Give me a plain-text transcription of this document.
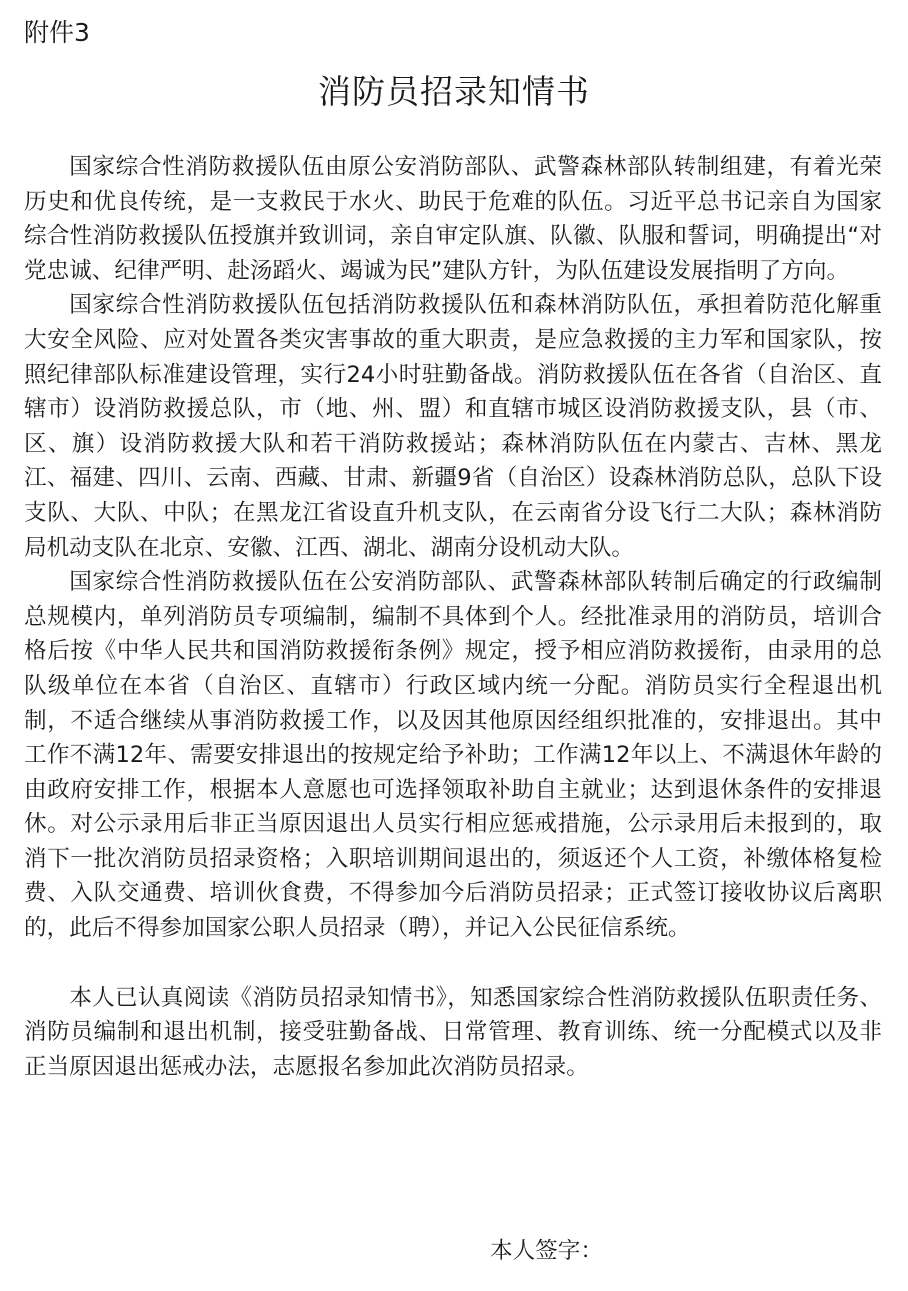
附件3
消防员招录知情书

国家综合性消防救援队伍由原公安消防部队、武警森林部队转制组建，有着光荣历史和优良传统，是一支救民于水火、助民于危难的队伍。习近平总书记亲自为国家综合性消防救援队伍授旗并致训词，亲自审定队旗、队徽、队服和誓词，明确提出“对党忠诚、纪律严明、赴汤蹈火、竭诚为民”建队方针，为队伍建设发展指明了方向。

国家综合性消防救援队伍包括消防救援队伍和森林消防队伍，承担着防范化解重大安全风险、应对处置各类灾害事故的重大职责，是应急救援的主力军和国家队，按照纪律部队标准建设管理，实行24小时驻勤备战。消防救援队伍在各省（自治区、直辖市）设消防救援总队，市（地、州、盟）和直辖市城区设消防救援支队，县（市、区、旗）设消防救援大队和若干消防救援站；森林消防队伍在内蒙古、吉林、黑龙江、福建、四川、云南、西藏、甘肃、新疆9省（自治区）设森林消防总队，总队下设支队、大队、中队；在黑龙江省设直升机支队，在云南省分设飞行二大队；森林消防局机动支队在北京、安徽、江西、湖北、湖南分设机动大队。

国家综合性消防救援队伍在公安消防部队、武警森林部队转制后确定的行政编制总规模内，单列消防员专项编制，编制不具体到个人。经批准录用的消防员，培训合格后按《中华人民共和国消防救援衔条例》规定，授予相应消防救援衔，由录用的总队级单位在本省（自治区、直辖市）行政区域内统一分配。消防员实行全程退出机制，不适合继续从事消防救援工作，以及因其他原因经组织批准的，安排退出。其中工作不满12年、需要安排退出的按规定给予补助；工作满12年以上、不满退休年龄的由政府安排工作，根据本人意愿也可选择领取补助自主就业；达到退休条件的安排退休。对公示录用后非正当原因退出人员实行相应惩戒措施，公示录用后未报到的，取消下一批次消防员招录资格；入职培训期间退出的，须返还个人工资，补缴体格复检费、入队交通费、培训伙食费，不得参加今后消防员招录；正式签订接收协议后离职的，此后不得参加国家公职人员招录（聘），并记入公民征信系统。

本人已认真阅读《消防员招录知情书》，知悉国家综合性消防救援队伍职责任务、消防员编制和退出机制，接受驻勤备战、日常管理、教育训练、统一分配模式以及非正当原因退出惩戒办法，志愿报名参加此次消防员招录。

本人签字：
